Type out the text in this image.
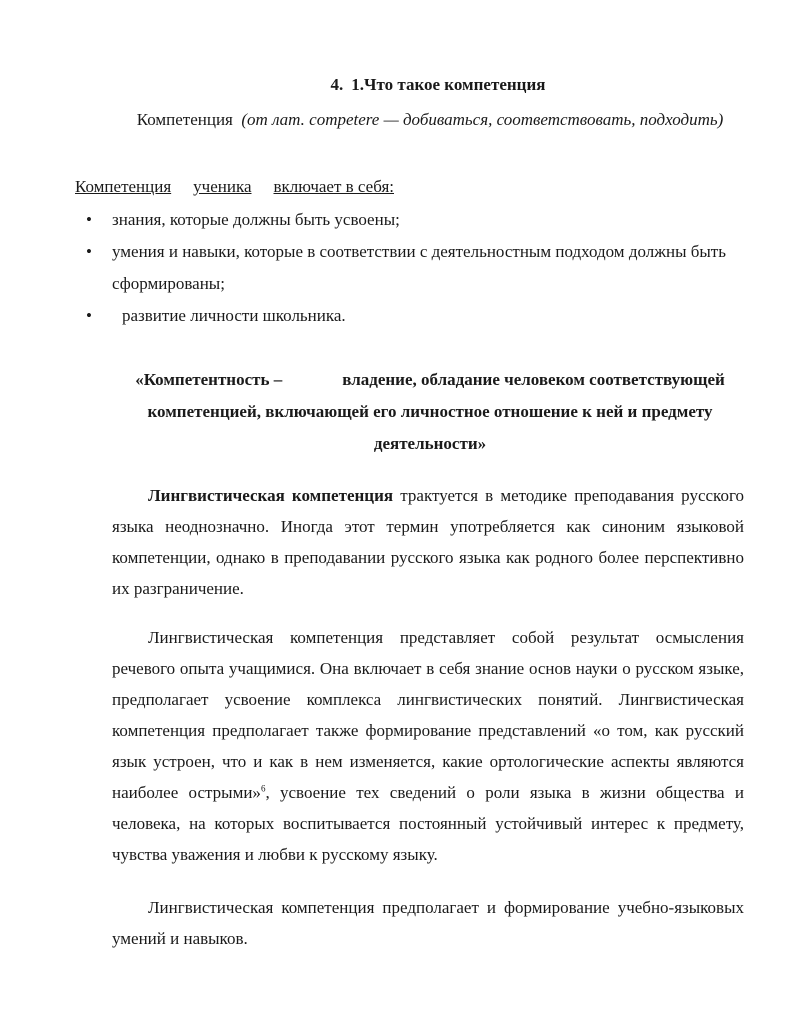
4. 1.Что такое компетенция
Компетенция (от лат. competere — добиваться, соответствовать, подходить)
Компетенция ученика включает в себя:
• знания, которые должны быть усвоены;
• умения и навыки, которые в соответствии с деятельностным подходом должны быть сформированы;
• развитие личности школьника.
«Компетентность –	владение, обладание человеком соответствующей компетенцией, включающей его личностное отношение к ней и предмету деятельности»

Лингвистическая компетенция трактуется в методике преподавания русского языка неоднозначно. Иногда этот термин употребляется как синоним языковой компетенции, однако в преподавании русского языка как родного более перспективно их разграничение.

Лингвистическая компетенция представляет собой результат осмысления речевого опыта учащимися. Она включает в себя знание основ науки о русском языке, предполагает усвоение комплекса лингвистических понятий. Лингвистическая компетенция предполагает также формирование представлений «о том, как русский язык устроен, что и как в нем изменяется, какие ортологические аспекты являются наиболее острыми»$^6$, усвоение тех сведений о роли языка в жизни общества и человека, на которых воспитывается постоянный устойчивый интерес к предмету, чувства уважения и любви к русскому языку.

Лингвистическая компетенция предполагает и формирование учебно-языковых умений и навыков.
